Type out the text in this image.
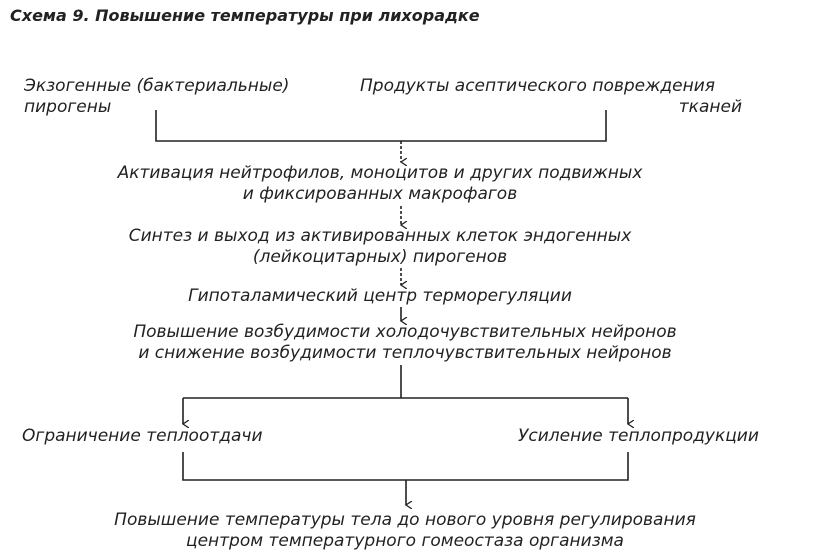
Схема 9. Повышение температуры при лихорадке
Экзогенные (бактериальные)
пирогены
Продукты асептического повреждения
тканей
Активация нейтрофилов, моноцитов и других подвижных
и фиксированных макрофагов
Синтез и выход из активированных клеток эндогенных
(лейкоцитарных) пирогенов
Гипоталамический центр терморегуляции
Повышение возбудимости холодочувствительных нейронов
и снижение возбудимости теплочувствительных нейронов
Ограничение теплоотдачи	Усиление теплопродукции
Повышение температуры тела до нового уровня регулирования
центром температурного гомеостаза организма
